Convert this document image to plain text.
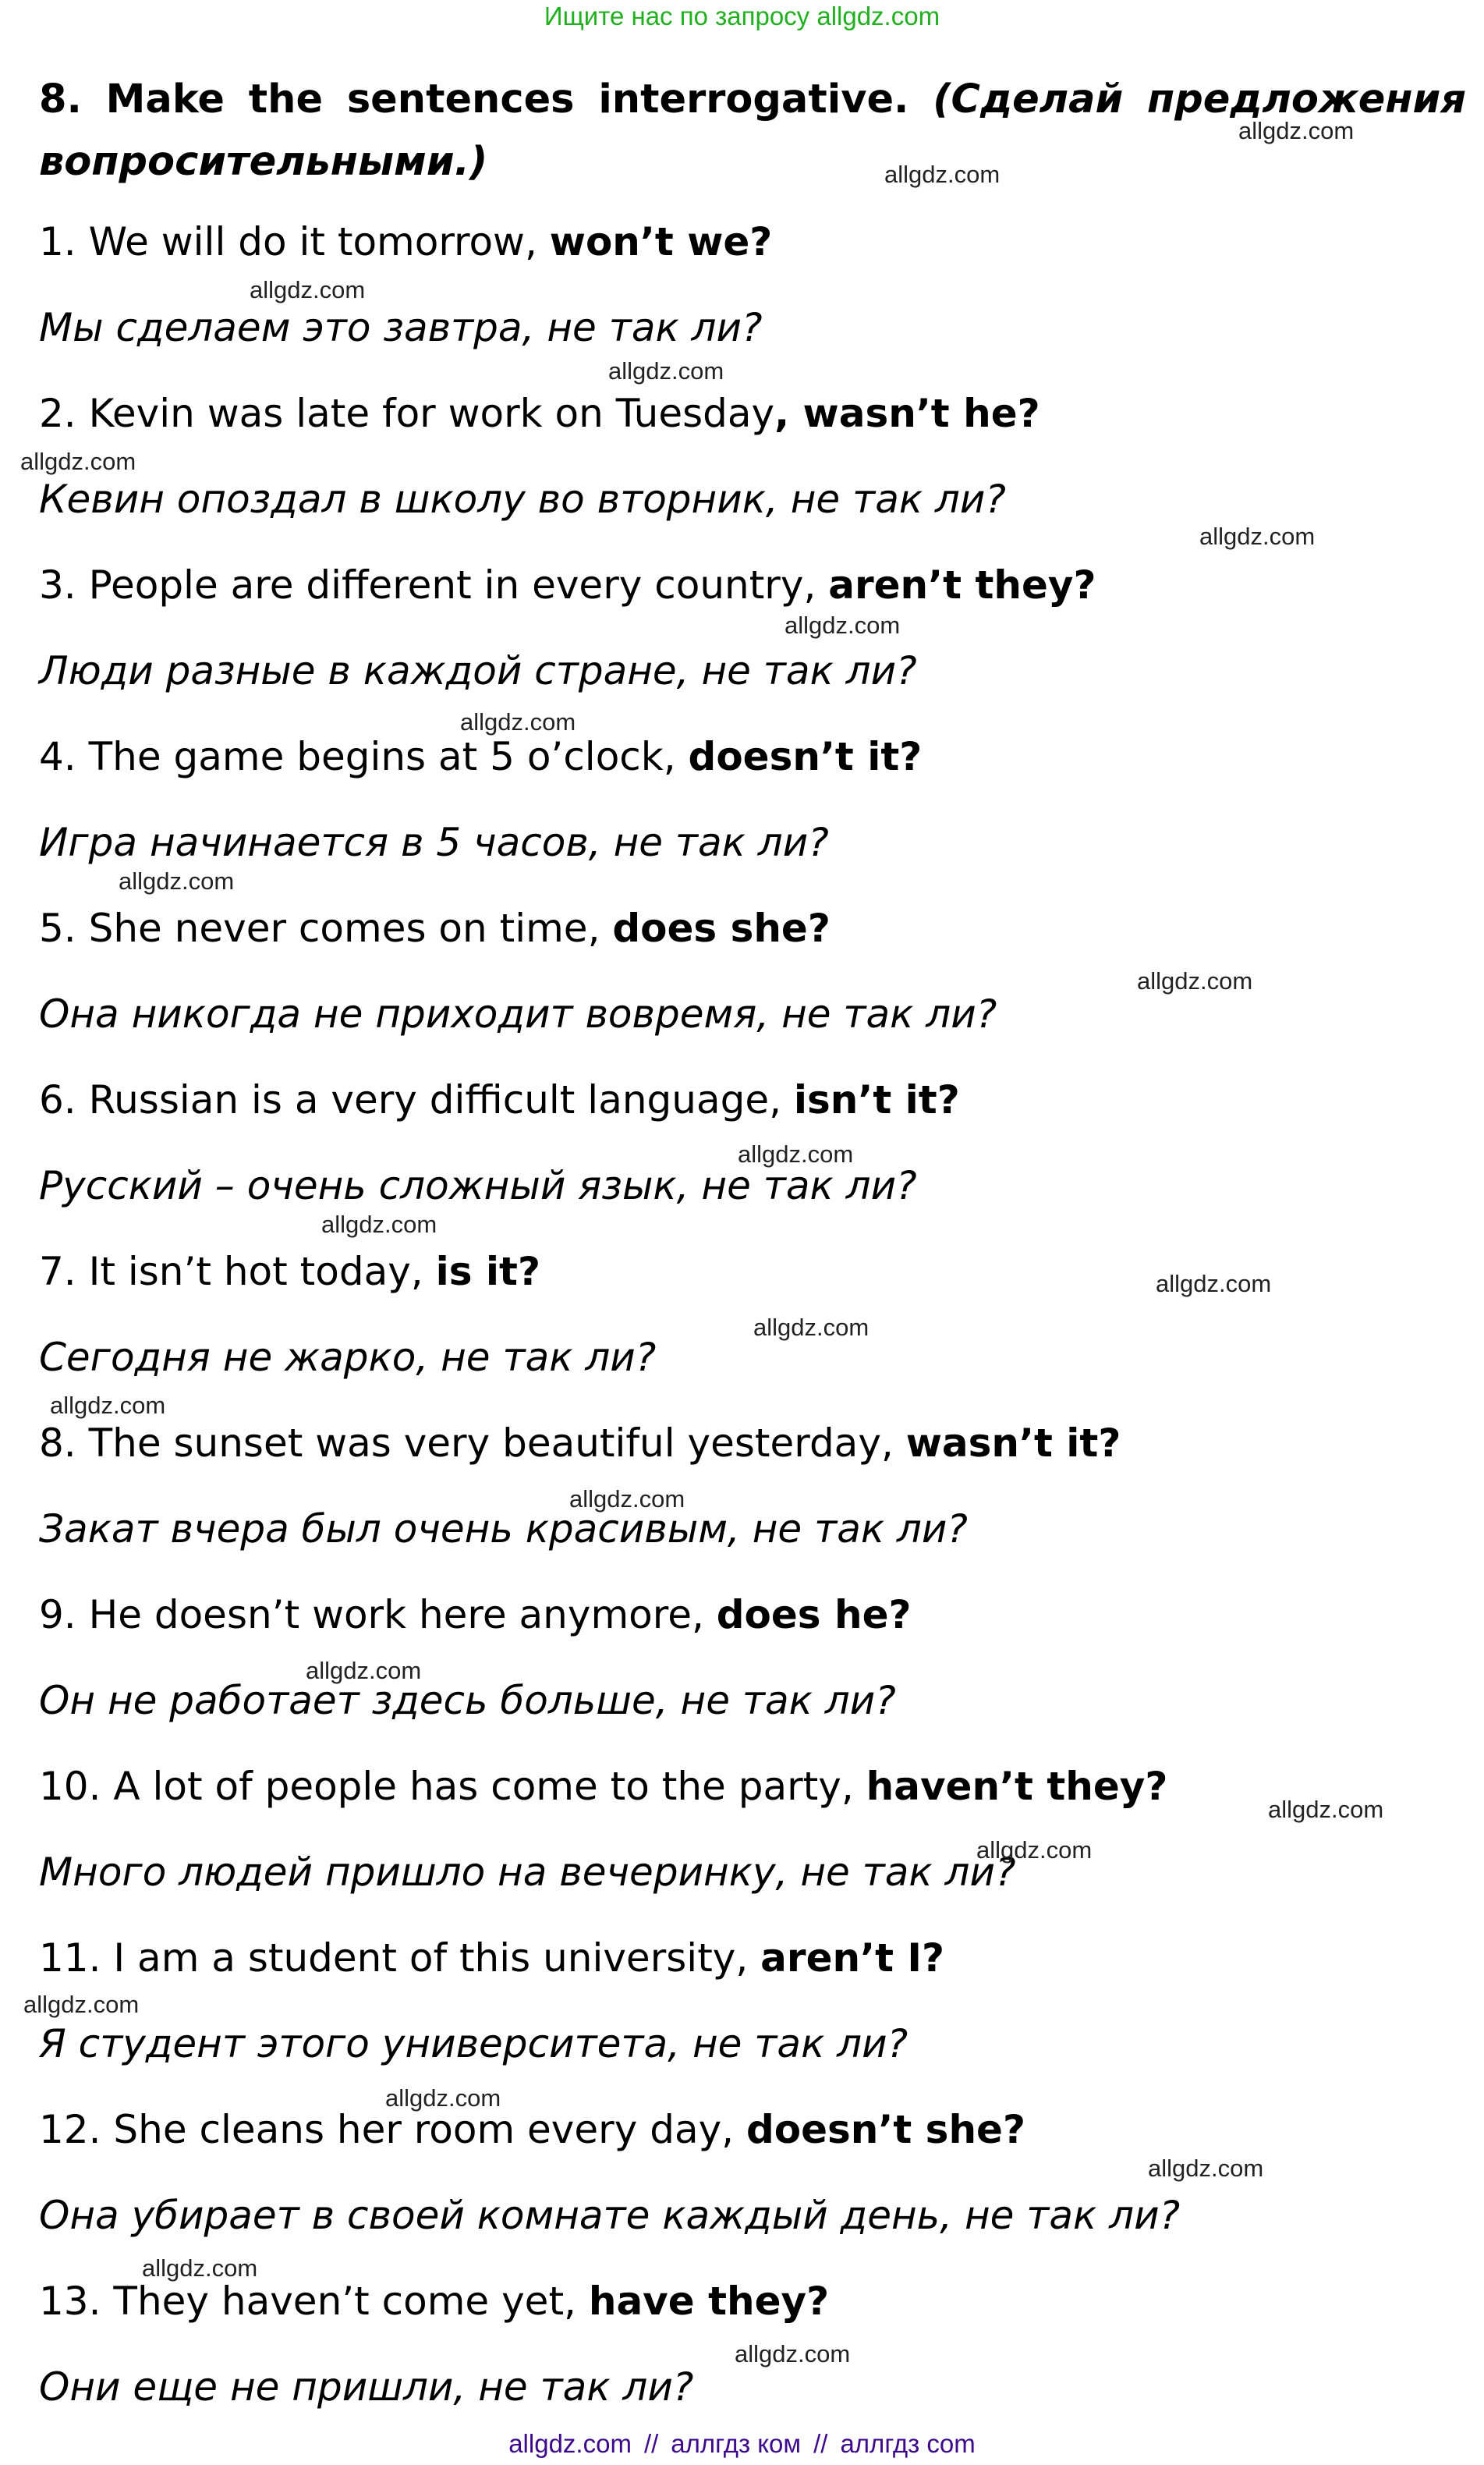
Ищите нас по запросу allgdz.com
8. Make the sentences interrogative. (Сделай предложения вопросительными.)
1. We will do it tomorrow, won’t we?
Мы сделаем это завтра, не так ли?
2. Kevin was late for work on Tuesday, wasn’t he?
Кевин опоздал в школу во вторник, не так ли?
3. People are different in every country, aren’t they?
Люди разные в каждой стране, не так ли?
4. The game begins at 5 o’clock, doesn’t it?
Игра начинается в 5 часов, не так ли?
5. She never comes on time, does she?
Она никогда не приходит вовремя, не так ли?
6. Russian is a very difficult language, isn’t it?
Русский – очень сложный язык, не так ли?
7. It isn’t hot today, is it?
Сегодня не жарко, не так ли?
8. The sunset was very beautiful yesterday, wasn’t it?
Закат вчера был очень красивым, не так ли?
9. He doesn’t work here anymore, does he?
Он не работает здесь больше, не так ли?
10. A lot of people has come to the party, haven’t they?
Много людей пришло на вечеринку, не так ли?
11. I am a student of this university, aren’t I?
Я студент этого университета, не так ли?
12. She cleans her room every day, doesn’t she?
Она убирает в своей комнате каждый день, не так ли?
13. They haven’t come yet, have they?
Они еще не пришли, не так ли?
allgdz.com
allgdz.com
allgdz.com
allgdz.com
allgdz.com
allgdz.com
allgdz.com
allgdz.com
allgdz.com
allgdz.com
allgdz.com
allgdz.com
allgdz.com
allgdz.com
allgdz.com
allgdz.com
allgdz.com
allgdz.com
allgdz.com
allgdz.com
allgdz.com
allgdz.com
allgdz.com
allgdz.com
allgdz.com // аллгдз ком // аллгдз com
